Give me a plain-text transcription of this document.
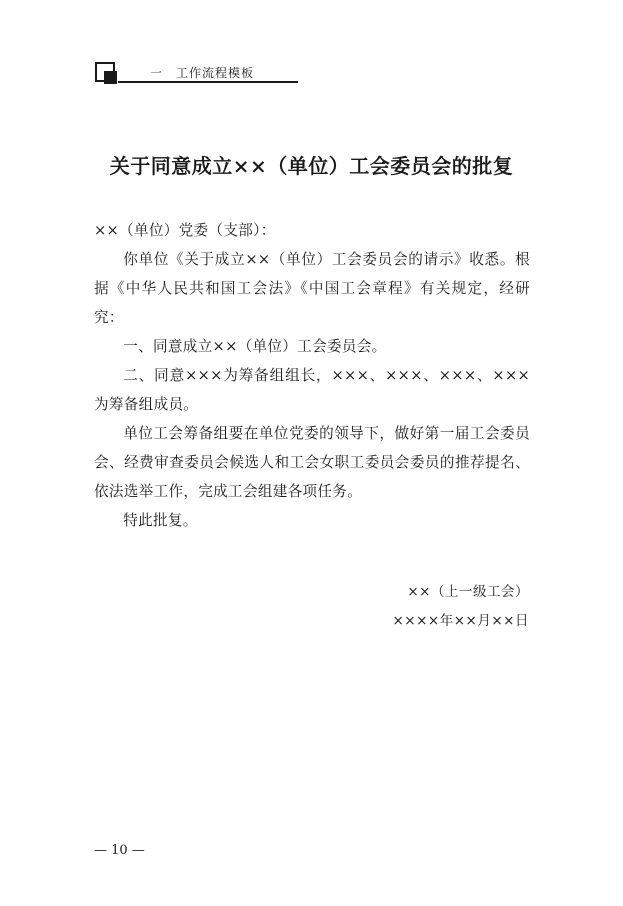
一　工作流程模板
关于同意成立××（单位）工会委员会的批复

××（单位）党委（支部）：

你单位《关于成立××（单位）工会委员会的请示》收悉。根据《中华人民共和国工会法》《中国工会章程》有关规定，经研究：

一、同意成立××（单位）工会委员会。

二、同意×××为筹备组组长，×××、×××、×××、×××为筹备组成员。

单位工会筹备组要在单位党委的领导下，做好第一届工会委员会、经费审查委员会候选人和工会女职工委员会委员的推荐提名、依法选举工作，完成工会组建各项任务。

特此批复。

××（上一级工会）
××××年××月××日
— 10 —
